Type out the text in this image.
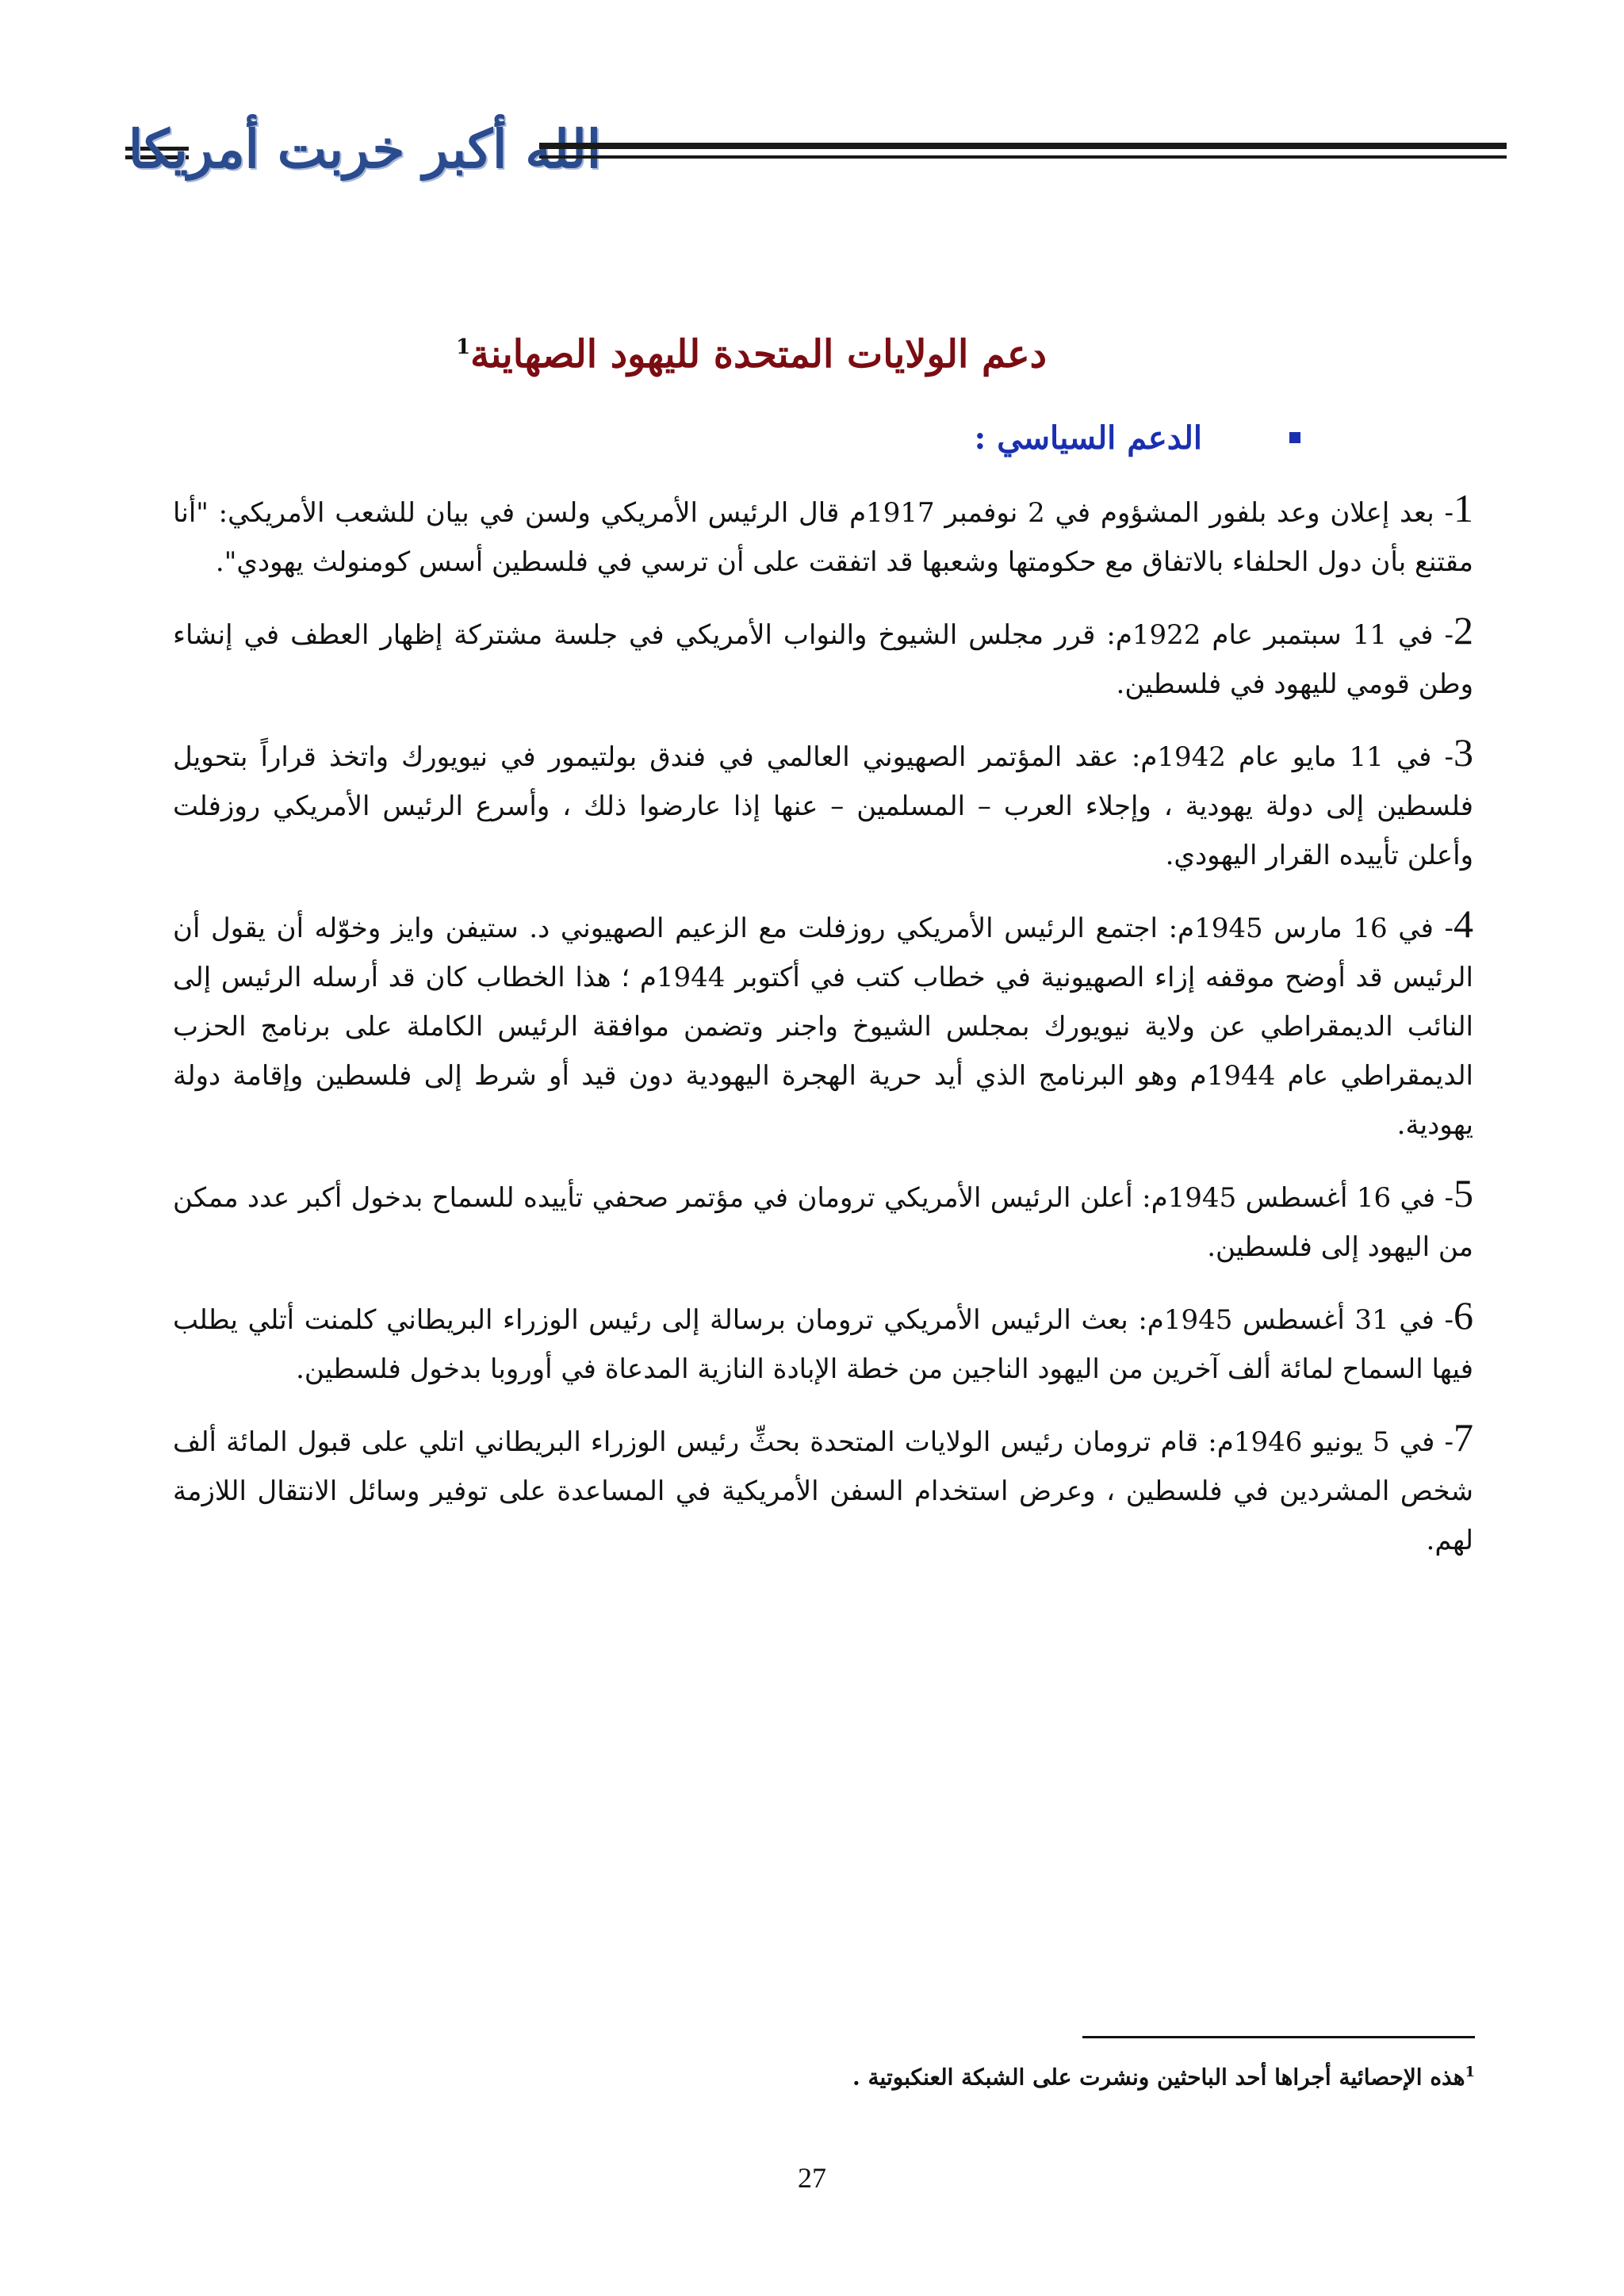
الله أكبر خربت أمريكا
دعم الولايات المتحدة لليهود الصهاينة$^1$
الدعم السياسي :

1- بعد إعلان وعد بلفور المشؤوم في 2 نوفمبر 1917م قال الرئيس الأمريكي ولسن في بيان للشعب الأمريكي: "أنا مقتنع بأن دول الحلفاء بالاتفاق مع حكومتها وشعبها قد اتفقت على أن ترسي في فلسطين أسس كومنولث يهودي".

2- في 11 سبتمبر عام 1922م: قرر مجلس الشيوخ والنواب الأمريكي في جلسة مشتركة إظهار العطف في إنشاء وطن قومي لليهود في فلسطين.

3- في 11 مايو عام 1942م: عقد المؤتمر الصهيوني العالمي في فندق بولتيمور في نيويورك واتخذ قراراً بتحويل فلسطين إلى دولة يهودية ، وإجلاء العرب – المسلمين – عنها إذا عارضوا ذلك ، وأسرع الرئيس الأمريكي روزفلت وأعلن تأييده القرار اليهودي.

4- في 16 مارس 1945م: اجتمع الرئيس الأمريكي روزفلت مع الزعيم الصهيوني د. ستيفن وايز وخوّله أن يقول أن الرئيس قد أوضح موقفه إزاء الصهيونية في خطاب كتب في أكتوبر 1944م ؛ هذا الخطاب كان قد أرسله الرئيس إلى النائب الديمقراطي عن ولاية نيويورك بمجلس الشيوخ واجنر وتضمن موافقة الرئيس الكاملة على برنامج الحزب الديمقراطي عام 1944م وهو البرنامج الذي أيد حرية الهجرة اليهودية دون قيد أو شرط إلى فلسطين وإقامة دولة يهودية.

5- في 16 أغسطس 1945م: أعلن الرئيس الأمريكي ترومان في مؤتمر صحفي تأييده للسماح بدخول أكبر عدد ممكن من اليهود إلى فلسطين.

6- في 31 أغسطس 1945م: بعث الرئيس الأمريكي ترومان برسالة إلى رئيس الوزراء البريطاني كلمنت أتلي يطلب فيها السماح لمائة ألف آخرين من اليهود الناجين من خطة الإبادة النازية المدعاة في أوروبا بدخول فلسطين.

7- في 5 يونيو 1946م: قام ترومان رئيس الولايات المتحدة بحثِّ رئيس الوزراء البريطاني اتلي على قبول المائة ألف شخص المشردين في فلسطين ، وعرض استخدام السفن الأمريكية في المساعدة على توفير وسائل الانتقال اللازمة لهم.

$^1$هذه الإحصائية أجراها أحد الباحثين ونشرت على الشبكة العنكبوتية .
27
